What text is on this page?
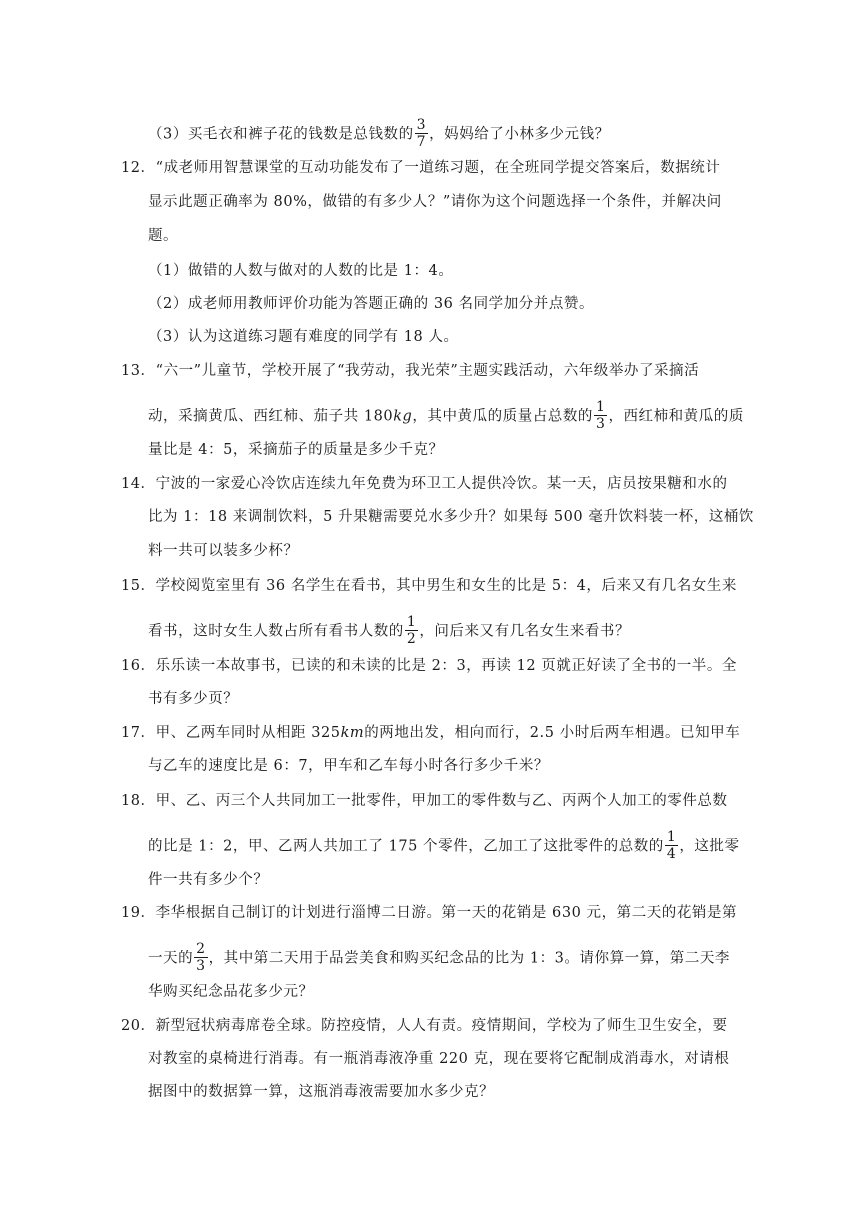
（3）买毛衣和裤子花的钱数是总钱数的 $\frac{3}{7}$ ，妈妈给了小林多少元钱？
12．“成老师用智慧课堂的互动功能发布了一道练习题，在全班同学提交答案后，数据统计
显示此题正确率为 80%，做错的有多少人？”请你为这个问题选择一个条件，并解决问
题。
（1）做错的人数与做对的人数的比是 1：4。
（2）成老师用教师评价功能为答题正确的 36 名同学加分并点赞。
（3）认为这道练习题有难度的同学有 18 人。
13．“六一”儿童节，学校开展了“我劳动，我光荣”主题实践活动，六年级举办了采摘活
动，采摘黄瓜、西红柿、茄子共 180kg，其中黄瓜的质量占总数的 $\frac{1}{3}$ ，西红柿和黄瓜的质
量比是 4：5，采摘茄子的质量是多少千克？
14．宁波的一家爱心冷饮店连续九年免费为环卫工人提供冷饮。某一天，店员按果糖和水的
比为 1：18 来调制饮料，5 升果糖需要兑水多少升？如果每 500 毫升饮料装一杯，这桶饮
料一共可以装多少杯？
15．学校阅览室里有 36 名学生在看书，其中男生和女生的比是 5：4，后来又有几名女生来
看书，这时女生人数占所有看书人数的 $\frac{1}{2}$ ，问后来又有几名女生来看书？
16．乐乐读一本故事书，已读的和未读的比是 2：3，再读 12 页就正好读了全书的一半。全
书有多少页？
17．甲、乙两车同时从相距 325km的两地出发，相向而行，2.5 小时后两车相遇。已知甲车
与乙车的速度比是 6：7，甲车和乙车每小时各行多少千米？
18．甲、乙、丙三个人共同加工一批零件，甲加工的零件数与乙、丙两个人加工的零件总数
的比是 1：2，甲、乙两人共加工了 175 个零件，乙加工了这批零件的总数的 $\frac{1}{4}$ ，这批零
件一共有多少个？
19．李华根据自己制订的计划进行淄博二日游。第一天的花销是 630 元，第二天的花销是第
一天的 $\frac{2}{3}$ ，其中第二天用于品尝美食和购买纪念品的比为 1：3。请你算一算，第二天李
华购买纪念品花多少元？
20．新型冠状病毒席卷全球。防控疫情，人人有责。疫情期间，学校为了师生卫生安全，要
对教室的桌椅进行消毒。有一瓶消毒液净重 220 克，现在要将它配制成消毒水，对请根
据图中的数据算一算，这瓶消毒液需要加水多少克？
